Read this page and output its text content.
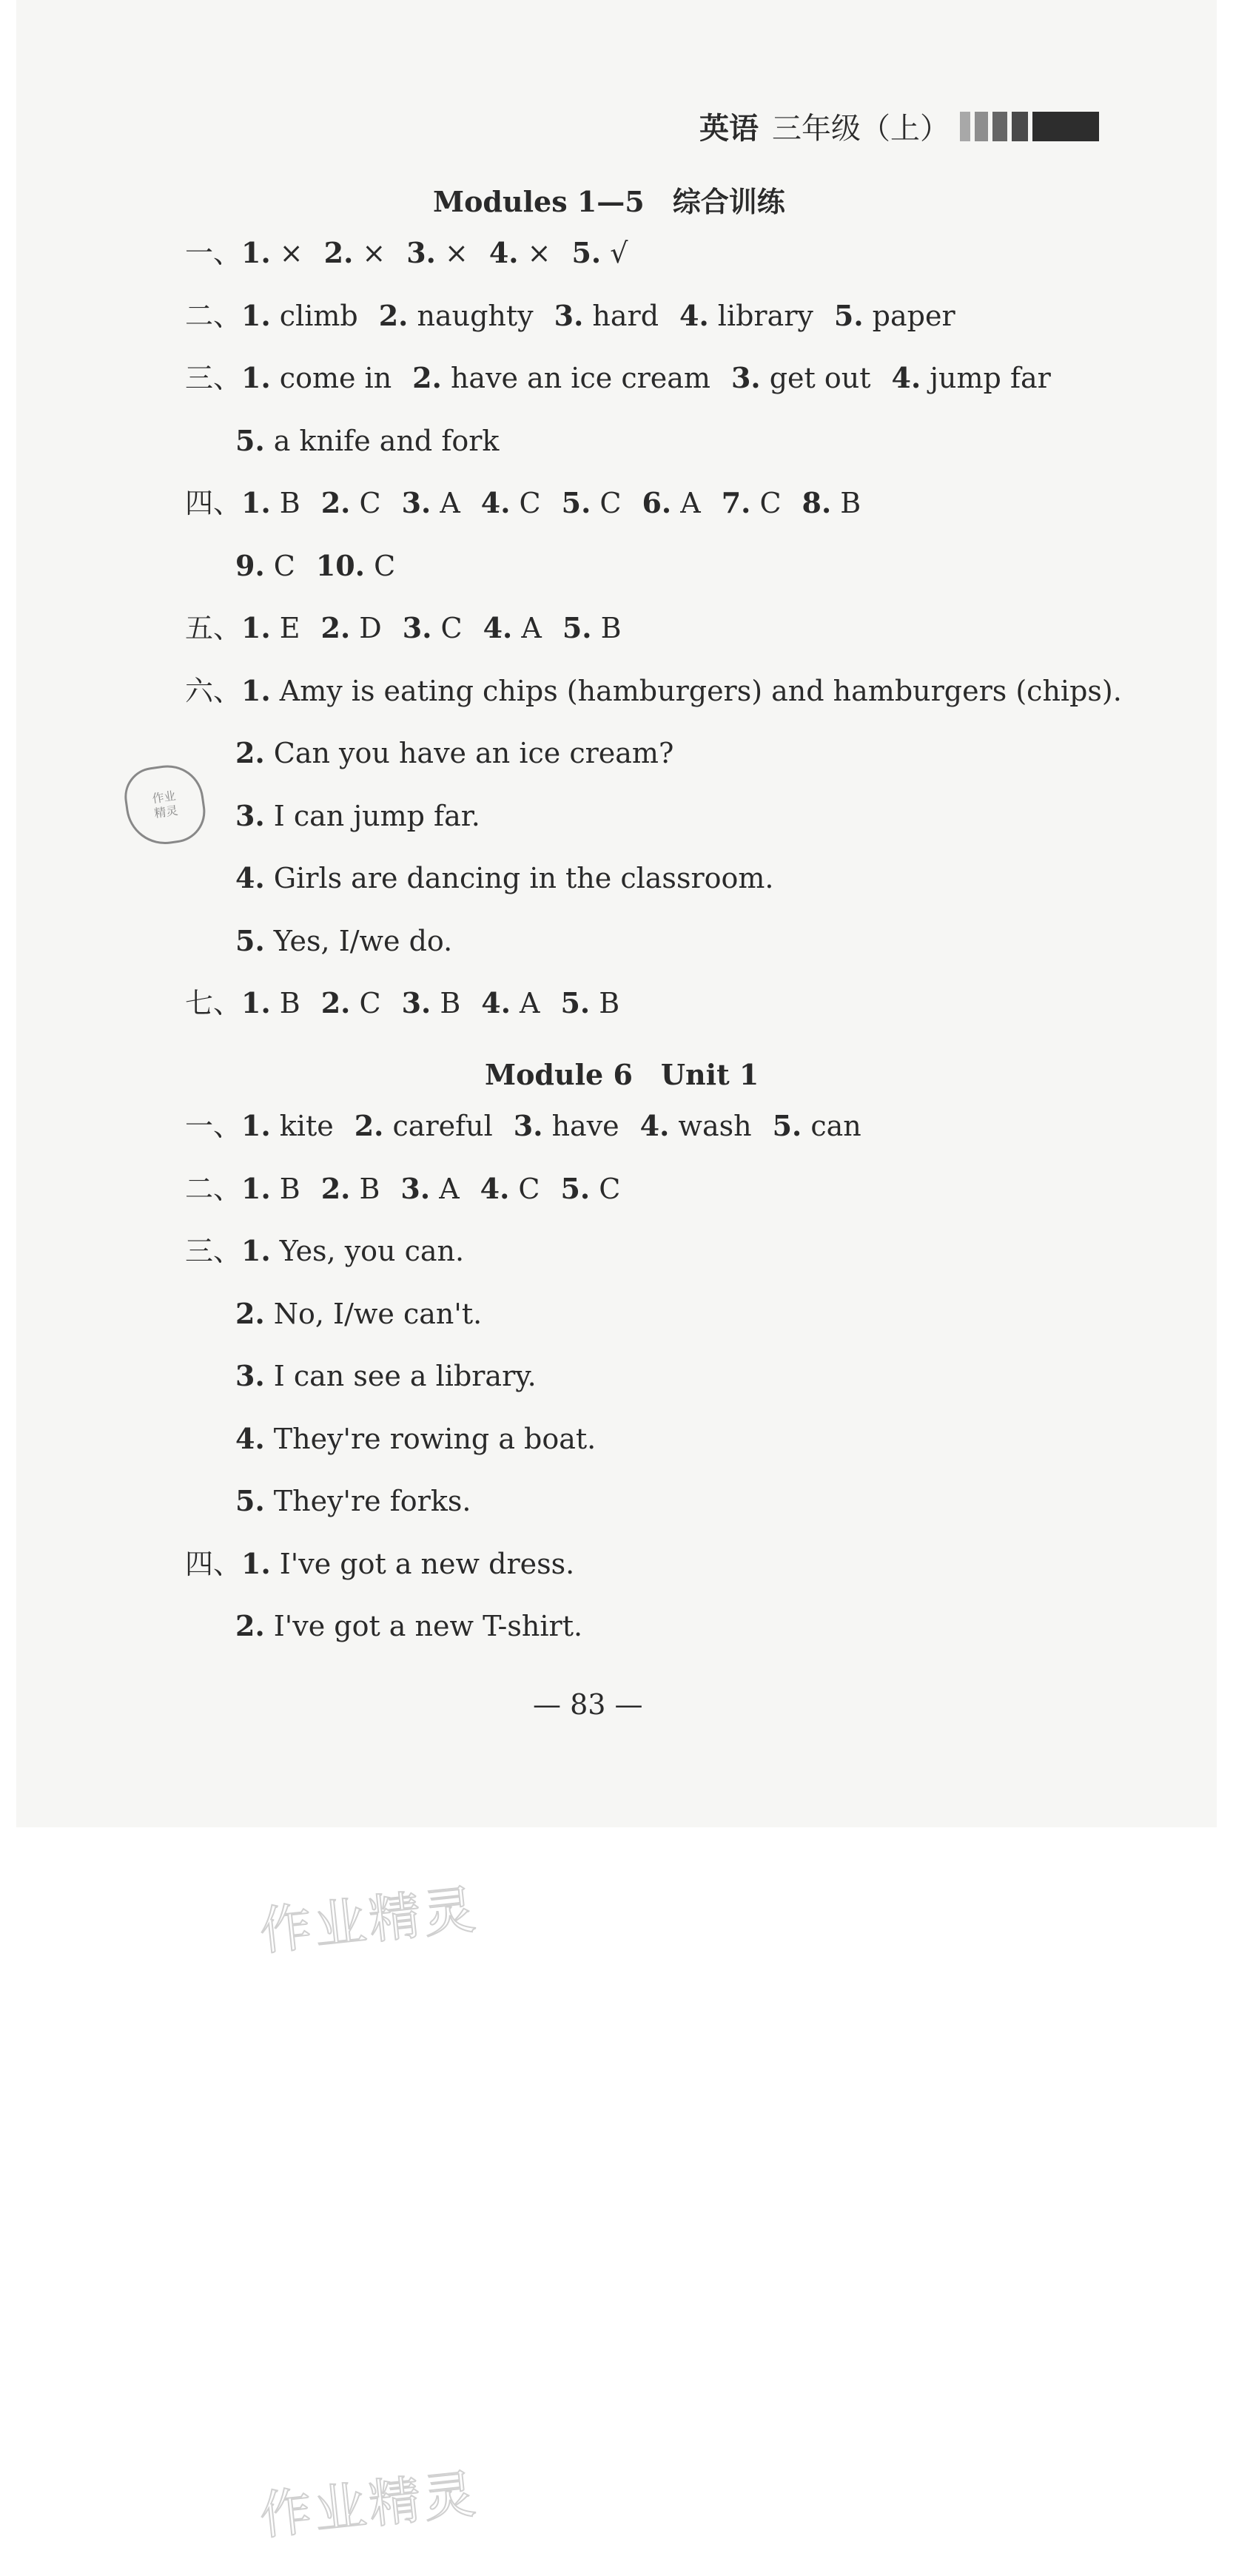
英语 三年级（上）
Modules 1—5　综合训练
一、1. × 2. × 3. × 4. × 5. √
二、1. climb 2. naughty 3. hard 4. library 5. paper
三、1. come in 2. have an ice cream 3. get out 4. jump far
5. a knife and fork
四、1. B 2. C 3. A 4. C 5. C 6. A 7. C 8. B
9. C 10. C
五、1. E 2. D 3. C 4. A 5. B
六、1. Amy is eating chips (hamburgers) and hamburgers (chips).
2. Can you have an ice cream?
3. I can jump far.
4. Girls are dancing in the classroom.
5. Yes, I/we do.
七、1. B 2. C 3. B 4. A 5. B
Module 6　Unit 1
一、1. kite 2. careful 3. have 4. wash 5. can
二、1. B 2. B 3. A 4. C 5. C
三、1. Yes, you can.
2. No, I/we can't.
3. I can see a library.
4. They're rowing a boat.
5. They're forks.
四、1. I've got a new dress.
2. I've got a new T-shirt.
作业
精灵
— 83 —
作业精灵
作业精灵
